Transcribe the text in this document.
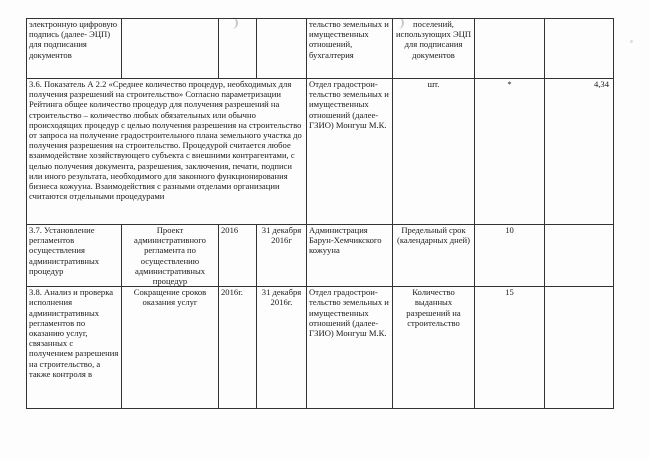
электронную цифровую подпись (далее- ЭЦП) для подписания документов				тельство земельных и имущественных отношений, бухгалтерия	поселений, использующих ЭЦП для подписания документов		
3.6. Показатель А 2.2 «Среднее количество процедур, необходимых для получения разрешений на строительство» Согласно параметризации Рейтинга общее количество процедур для получения разрешений на строительство – количество любых обязательных или обычно происходящих процедур с целью получения разрешения на строительство от запроса на получение градостроительного плана земельного участка до получения разрешения на строительство. Процедурой считается любое взаимодействие хозяйствующего субъекта с внешними контрагентами, с целью получения документа, разрешения, заключения, печати, подписи или иного результата, необходимого для законного функционирования бизнеса кожууна. Взаимодействия с разными отделами организации считаются отдельными процедурами				Отдел градострои-тельство земельных и имущественных отношений (далее- ГЗИО) Монгуш М.К.	шт.	*	4,34
3.7. Установление регламентов осуществления административных процедур	Проект административного регламента по осуществлению административных процедур	2016	31 декабря 2016г	Администрация Барун-Хемчикского кожууна	Предельный срок (календарных дней)	10	
3.8. Анализ и проверка исполнения административных регламентов по оказанию услуг, связанных с получением разрешения на строительство, а также контроля в	Сокращение сроков оказания услуг	2016г.	31 декабря 2016г.	Отдел градострои-тельство земельных и имущественных отношений (далее- ГЗИО) Монгуш М.К.	Количество выданных разрешений на строительство	15	
